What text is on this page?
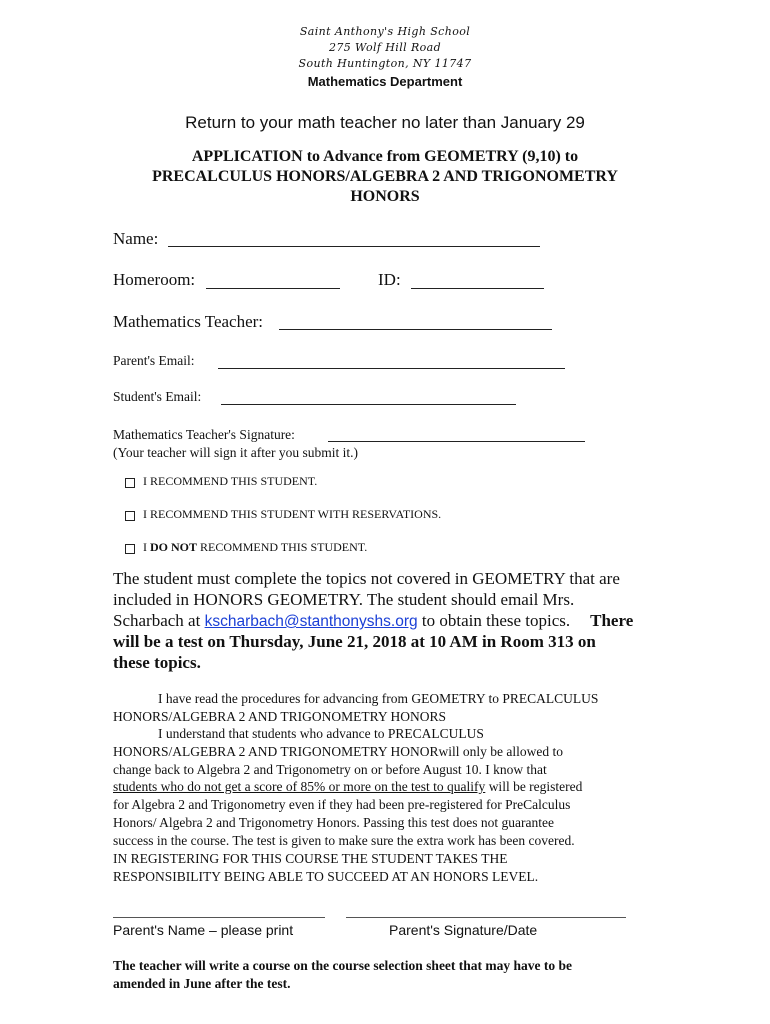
Saint Anthony's High School
275 Wolf Hill Road
South Huntington, NY 11747
Mathematics Department
Return to your math teacher no later than January 29
APPLICATION to Advance from GEOMETRY (9,10) to
PRECALCULUS HONORS/ALGEBRA 2 AND TRIGONOMETRY
HONORS
Name:
Homeroom:	ID:
Mathematics Teacher:
Parent's Email:
Student's Email:
Mathematics Teacher's Signature:
(Your teacher will sign it after you submit it.)
I RECOMMEND THIS STUDENT.
I RECOMMEND THIS STUDENT WITH RESERVATIONS.
I DO NOT RECOMMEND THIS STUDENT.
The student must complete the topics not covered in GEOMETRY that are
included in HONORS GEOMETRY. The student should email Mrs.
Scharbach at kscharbach@stanthonyshs.org to obtain these topics. There
will be a test on Thursday, June 21, 2018 at 10 AM in Room 313 on
these topics.
I have read the procedures for advancing from GEOMETRY to PRECALCULUS
HONORS/ALGEBRA 2 AND TRIGONOMETRY HONORS
I understand that students who advance to PRECALCULUS
HONORS/ALGEBRA 2 AND TRIGONOMETRY HONORwill only be allowed to
change back to Algebra 2 and Trigonometry on or before August 10. I know that
students who do not get a score of 85% or more on the test to qualify will be registered
for Algebra 2 and Trigonometry even if they had been pre-registered for PreCalculus
Honors/ Algebra 2 and Trigonometry Honors. Passing this test does not guarantee
success in the course. The test is given to make sure the extra work has been covered.
IN REGISTERING FOR THIS COURSE THE STUDENT TAKES THE
RESPONSIBILITY BEING ABLE TO SUCCEED AT AN HONORS LEVEL.
Parent's Name – please print	Parent's Signature/Date
The teacher will write a course on the course selection sheet that may have to be
amended in June after the test.
